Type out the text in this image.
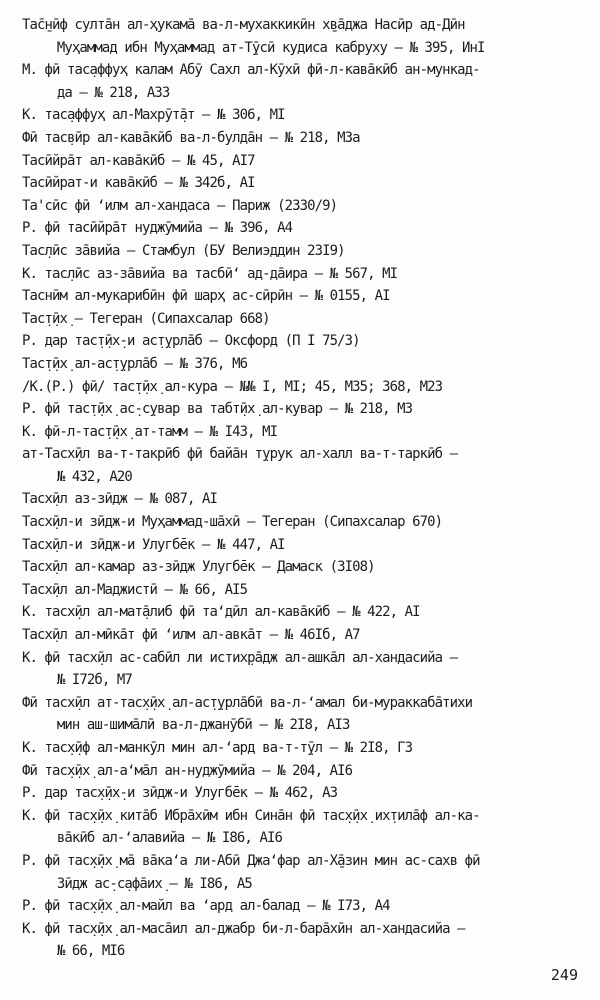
Тас̱̄нӣф султа̄н ал-ҳукама̄ ва-л-мухаккикӣн х̱ва̄джа Насӣр ад-Дӣн
Муҳаммад ибн Муҳаммад ат-Т̣ӯсӣ кудиса кабруху – № 395, ИнI
М. фӣ тас̣аффуҳ калам Абӯ Сахл ал-Кӯхӣ фӣ-л-кава̄кӣб ан-мункад-
да – № 218, А33
К. тас̣аффуҳ ал-Махрӯт̣а̄т – № 306, МI
Фӣ тас̣вӣр ал-кава̄кӣб ва-л-булда̄н – № 218, М3а
Тасӣйра̄т ал-кава̄кӣб – № 45, АI7
Тасӣйрат-и кава̄кӣб – № 342б, АI
Та'сӣс фӣ ʻилм ал-хандаса – Париж (2330/9)
Р. фӣ тасӣйра̄т нуджӯмийа – № 396, А4
Тас̣лӣс за̄вийа – Стамбул (БУ Велиэддин 23I9)
К. тас̣лӣс аз-за̄вийа ва тасбӣʻ ад-да̄ира – № 567, МI
Таснӣм ал-мукарибӣн фӣ шарҳ ас-сӣрӣн – № 0155, АI
Тас̣т̣ӣх̣ – Тегеран (Сипахсалар 668)
Р. дар тас̣т̣ӣх̣-и ас̣т̣урла̄б – Оксфорд (П I 75/3)
Тас̣т̣ӣх̣ ал-ас̣т̣урла̄б – № 376, М6
/К.(Р.) фӣ/ тас̣т̣ӣх̣ ал-кура – №№ I, МI; 45, М35; 368, М23
Р. фӣ тас̣т̣ӣх̣ ас̣-с̣увар ва табт̣ӣх̣ ал-кувар – № 218, М3
К. фӣ-л-тас̣т̣ӣх̣ ат-тамм – № I43, МI
ат-Тасх̣ӣл ва-т-такрӣб фӣ байа̄н т̣урук ал-халл ва-т-таркӣб –
№ 432, А20
Тасх̣ӣл аз-зӣдж – № 087, АI
Тасх̣ӣл-и зӣдж-и Муҳаммад-ша̄хӣ – Тегеран (Сипахсалар 670)
Тасх̣ӣл-и зӣдж-и Улугбēк – № 447, АI
Тасх̣ӣл ал-камар аз-зӣдж Улугбēк – Дамаск (3I08)
Тасх̣ӣл ал-Маджистӣ – № 66, АI5
К. тасх̣ӣл ал-мат̣а̄либ фӣ таʻдӣл ал-кава̄кӣб – № 422, АI
Тасх̣ӣл ал-мӣка̄т фӣ ʻилм ал-авка̄т – № 46Iб, А7
К. фӣ тасх̣ӣл ас-сабӣл ли истих̣ра̄дж ал-ашка̄л ал-хандасийа –
№ I72б, М7
Фӣ тасх̣ӣл ат-тас̣х̣ӣх̣ ал-ас̣т̣урла̄бӣ ва-л-ʻамал би-мураккаба̄тихи
мин аш-шима̄лӣ ва-л-джанӯбӣ – № 2I8, АI3
К. тас̣х̣ӣф ал-манкӯл мин ал-ʻард ва-т-т̣ӯл – № 2I8, Г3
Фӣ тас̣х̣ӣх̣ ал-аʻма̄л ан-нуджӯмийа – № 204, АI6
Р. дар тас̣х̣ӣх̣-и зӣдж-и Улугбēк – № 462, А3
К. фӣ тас̣х̣ӣх̣ кита̄б Ибра̄хӣм ибн Сина̄н фӣ тас̣х̣ӣх̣ их̣тила̄ф ал-ка-
ва̄кӣб ал-ʻалавийа – № I86, АI6
Р. фӣ тас̣х̣ӣх̣ ма̄ ва̄каʻа ли-Абӣ Джаʻфар ал-Х̱а̄зин мин ас-сахв фӣ
Зӣдж ас̣-с̣афа̄их̣ – № I86, А5
Р. фӣ тас̣х̣ӣх̣ ал-майл ва ʻард ал-балад – № I73, А4
К. фӣ тас̣х̣ӣх̣ ал-маса̄ил ал-джабр би-л-бара̄хӣн ал-хандасийа –
№ 66, МI6
249
